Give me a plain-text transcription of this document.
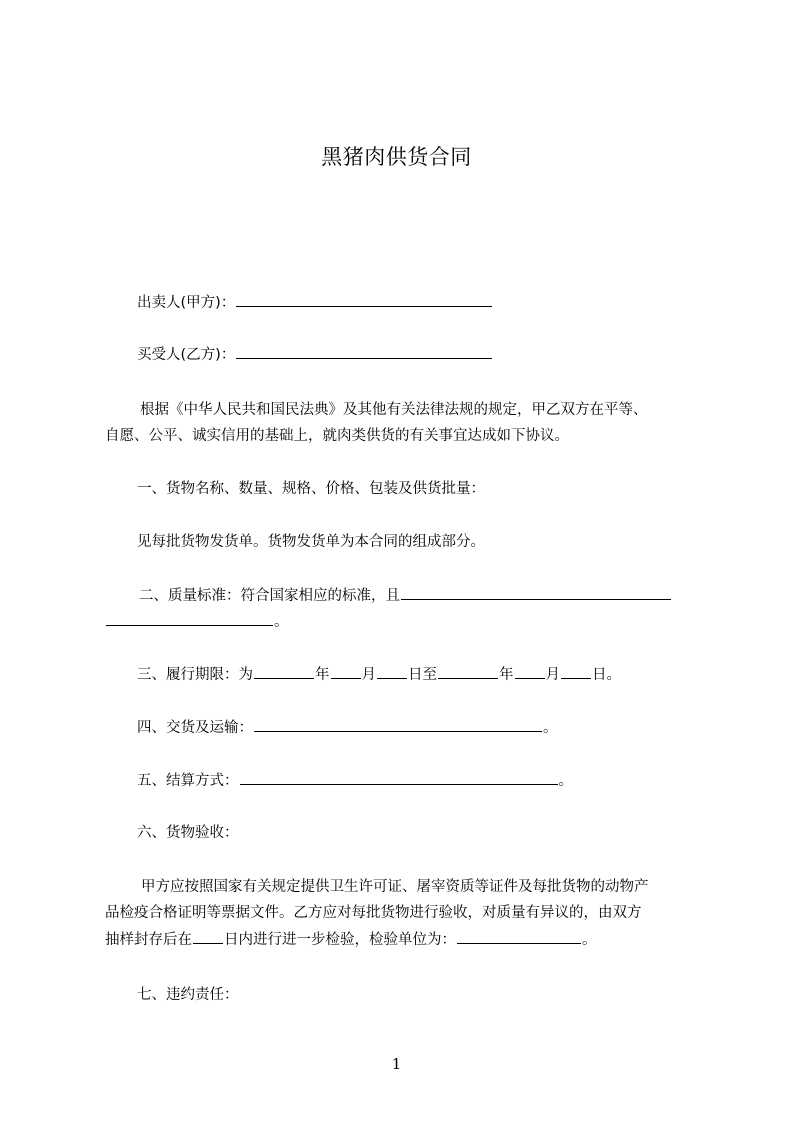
黑猪肉供货合同
出卖人(甲方)：
买受人(乙方)：
根据《中华人民共和国民法典》及其他有关法律法规的规定，甲乙双方在平等、
自愿、公平、诚实信用的基础上，就肉类供货的有关事宜达成如下协议。
一、货物名称、数量、规格、价格、包装及供货批量：
见每批货物发货单。货物发货单为本合同的组成部分。
二、质量标准：符合国家相应的标准，且
。
三、履行期限：为	年 月 日至	年 月 日。
四、交货及运输：	。
五、结算方式：	。
六、货物验收：
甲方应按照国家有关规定提供卫生许可证、屠宰资质等证件及每批货物的动物产
品检疫合格证明等票据文件。乙方应对每批货物进行验收，对质量有异议的，由双方
抽样封存后在 日内进行进一步检验，检验单位为：	。
七、违约责任：
1
